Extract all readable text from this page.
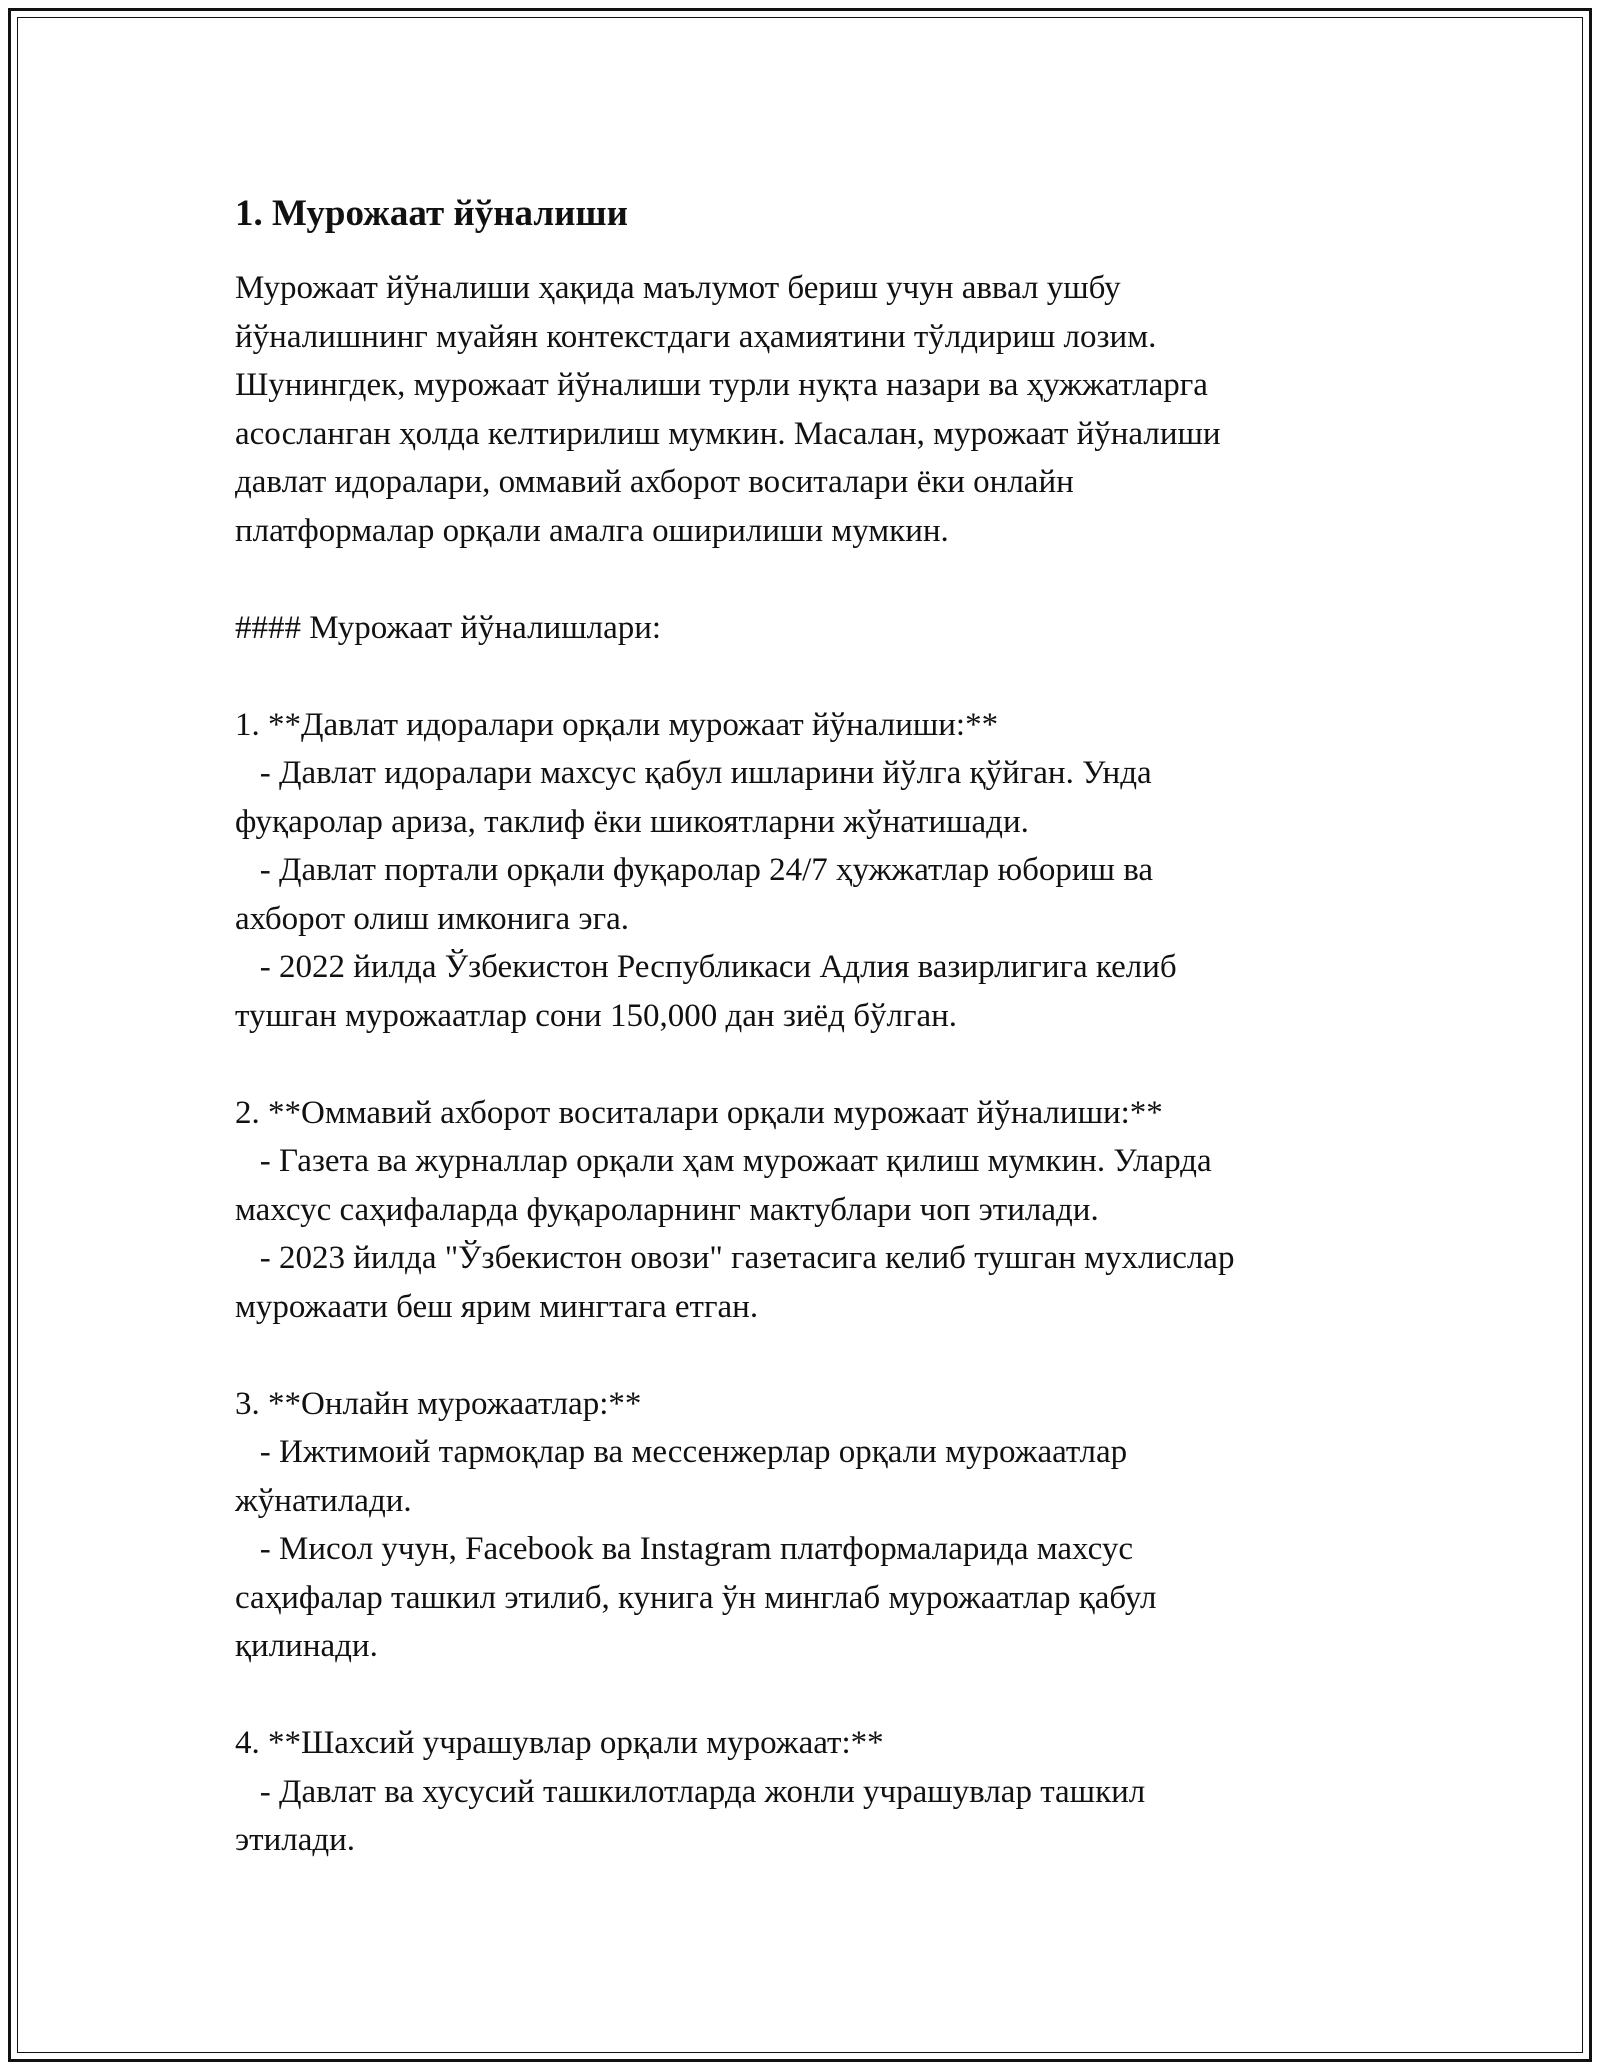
1. Мурожаат йўналиши
Мурожаат йўналиши ҳақида маълумот бериш учун аввал ушбу
йўналишнинг муайян контекстдаги аҳамиятини тўлдириш лозим.
Шунингдек, мурожаат йўналиши турли нуқта назари ва ҳужжатларга
асосланган ҳолда келтирилиш мумкин. Масалан, мурожаат йўналиши
давлат идоралари, оммавий ахборот воситалари ёки онлайн
платформалар орқали амалга оширилиши мумкин.
#### Мурожаат йўналишлари:
1. **Давлат идоралари орқали мурожаат йўналиши:**
- Давлат идоралари махсус қабул ишларини йўлга қўйган. Унда
фуқаролар ариза, таклиф ёки шикоятларни жўнатишади.
- Давлат портали орқали фуқаролар 24/7 ҳужжатлар юбориш ва
ахборот олиш имконига эга.
- 2022 йилда Ўзбекистон Республикаси Адлия вазирлигига келиб
тушган мурожаатлар сони 150,000 дан зиёд бўлган.
2. **Оммавий ахборот воситалари орқали мурожаат йўналиши:**
- Газета ва журналлар орқали ҳам мурожаат қилиш мумкин. Уларда
махсус саҳифаларда фуқароларнинг мактублари чоп этилади.
- 2023 йилда "Ўзбекистон овози" газетасига келиб тушган мухлислар
мурожаати беш ярим мингтага етган.
3. **Онлайн мурожаатлар:**
- Ижтимоий тармоқлар ва мессенжерлар орқали мурожаатлар
жўнатилади.
- Мисол учун, Facebook ва Instagram платформаларида махсус
саҳифалар ташкил этилиб, кунига ўн минглаб мурожаатлар қабул
қилинади.
4. **Шахсий учрашувлар орқали мурожаат:**
- Давлат ва хусусий ташкилотларда жонли учрашувлар ташкил
этилади.
